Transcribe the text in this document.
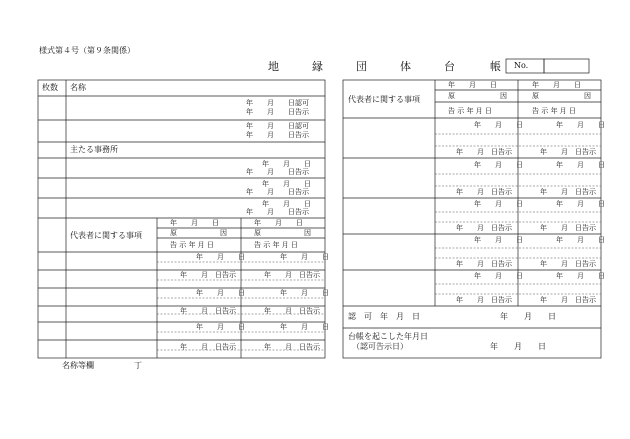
様式第４号（第９条関係）
地	縁	団	体	台	帳 No.
枚数 名称
年　　月　　日認可
年　　月　　日告示
年　　月　　日認可
年　　月　　日告示
主たる事務所
年　　月　　日
年　　月　　日告示
年　　月　　日
年　　月　　日告示
年　　月　　日
年　　月　　日告示
代表者に関する事項
年　　月　　日	年　　月　　日
原	因	原	因
告 示 年 月 日	告 示 年 月 日
年　　月　　日	年　　月　　日
年　　月　日告示	年　　月　日告示
年　　月　　日	年　　月　　日
年　　月　日告示	年　　月　日告示
年　　月　　日	年　　月　　日
年　　月　日告示	年　　月　日告示
代表者に関する事項
年　　月　　日	年　　月　　日
原	因	原	因
告 示 年 月 日	告 示 年 月 日
年　　月　　日	年　　月　　日
年　　月　日告示	年　　月　日告示
年　　月　　日	年　　月　　日
年　　月　日告示	年　　月　日告示
年　　月　　日	年　　月　　日
年　　月　日告示	年　　月　日告示
年　　月　　日	年　　月　　日
年　　月　日告示	年　　月　日告示
年　　月　　日	年　　月　　日
年　　月　日告示	年　　月　日告示
認　可　年　月　日	年　　月　　日
台帳を起こした年月日
（認可告示日）	年　　月　　日
名称等欄	丁
